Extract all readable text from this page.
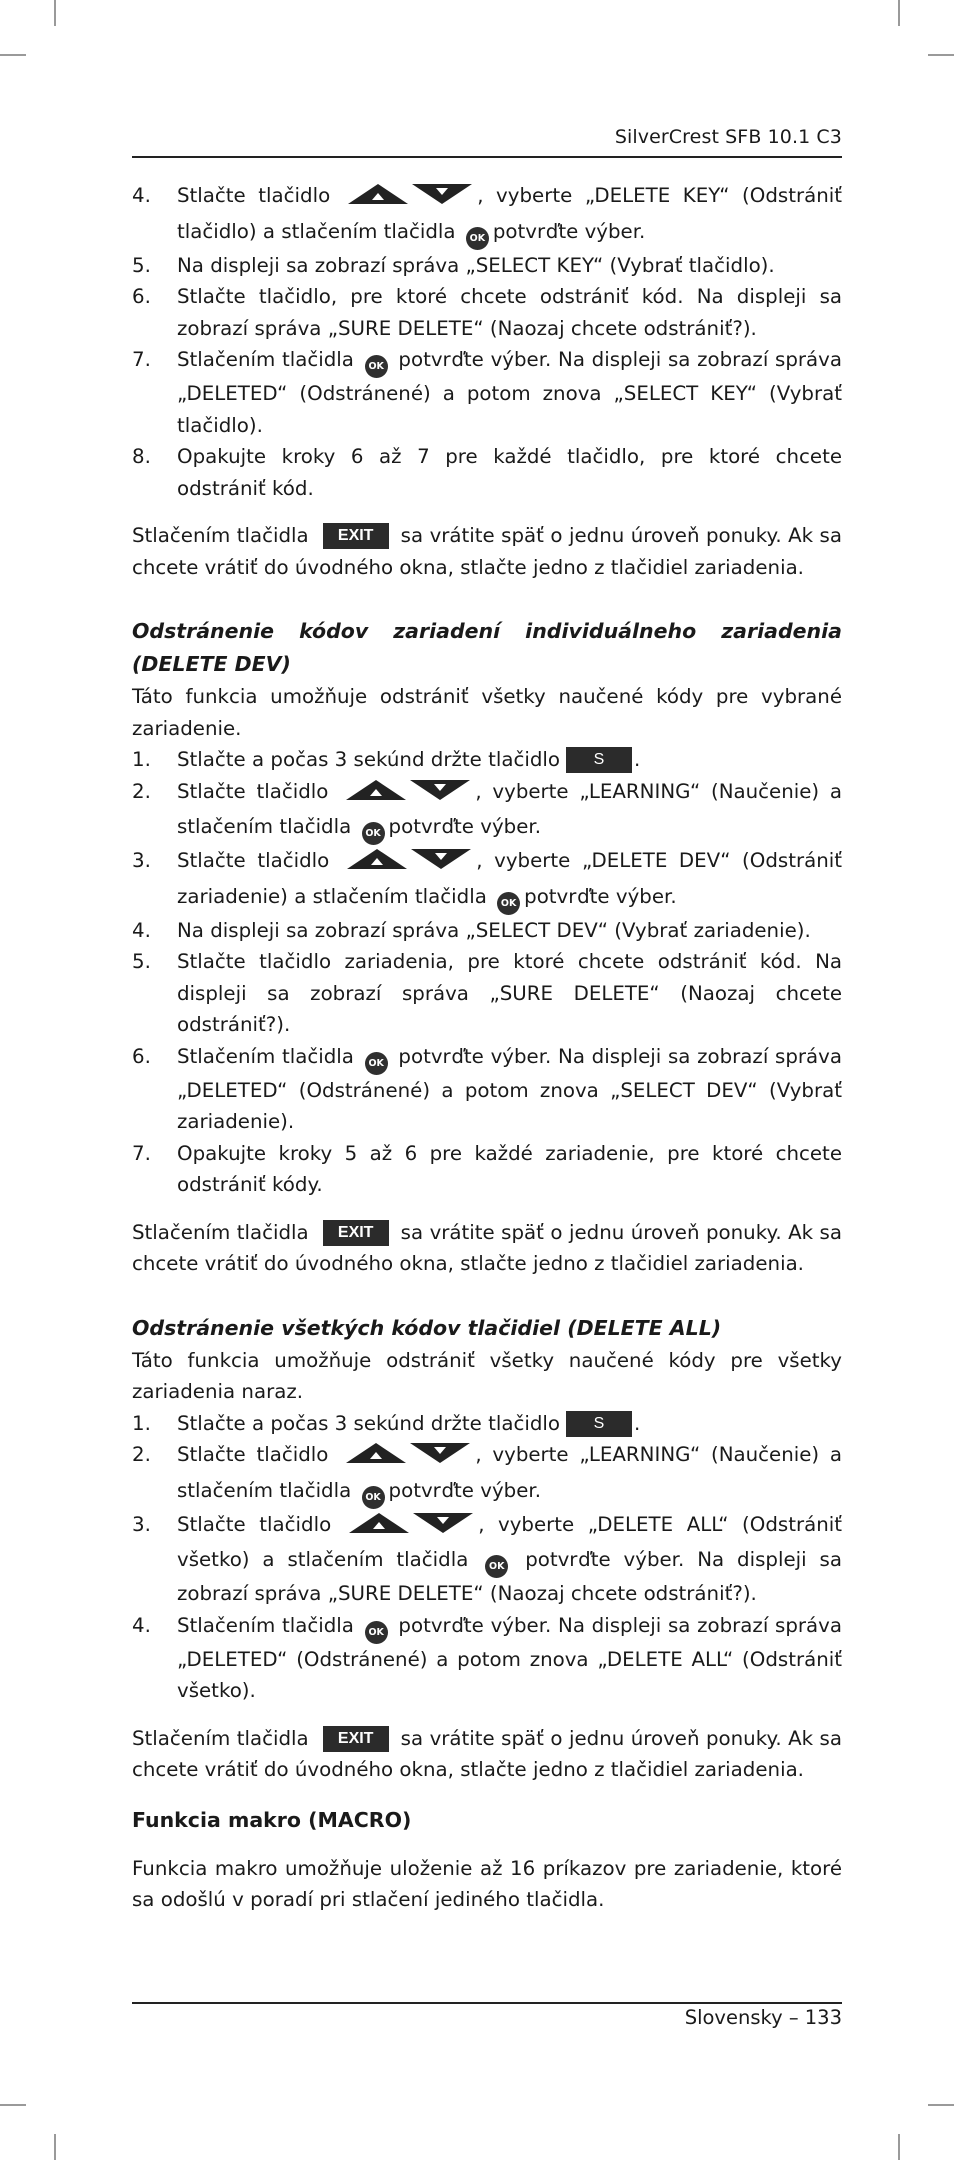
SilverCrest SFB 10.1 C3
4. Stlačte tlačidlo	, vyberte „DELETE KEY“ (Odstrániť tlačidlo) a stlačením tlačidla OK potvrďte výber.
5. Na displeji sa zobrazí správa „SELECT KEY“ (Vybrať tlačidlo).
6. Stlačte tlačidlo, pre ktoré chcete odstrániť kód. Na displeji sa zobrazí správa „SURE DELETE“ (Naozaj chcete odstrániť?).
7. Stlačením tlačidla OK potvrďte výber. Na displeji sa zobrazí správa „DELETED“ (Odstránené) a potom znova „SELECT KEY“ (Vybrať tlačidlo).
8. Opakujte kroky 6 až 7 pre každé tlačidlo, pre ktoré chcete odstrániť kód.

Stlačením tlačidla EXIT sa vrátite späť o jednu úroveň ponuky. Ak sa chcete vrátiť do úvodného okna, stlačte jedno z tlačidiel zariadenia.

Odstránenie kódov zariadení individuálneho zariadenia (DELETE DEV)

Táto funkcia umožňuje odstrániť všetky naučené kódy pre vybrané zariadenie.

1. Stlačte a počas 3 sekúnd držte tlačidlo S .
2. Stlačte tlačidlo	, vyberte „LEARNING“ (Naučenie) a stlačením tlačidla OK potvrďte výber.
3. Stlačte tlačidlo	, vyberte „DELETE DEV“ (Odstrániť zariadenie) a stlačením tlačidla OK potvrďte výber.
4. Na displeji sa zobrazí správa „SELECT DEV“ (Vybrať zariadenie).
5. Stlačte tlačidlo zariadenia, pre ktoré chcete odstrániť kód. Na displeji sa zobrazí správa „SURE DELETE“ (Naozaj chcete odstrániť?).
6. Stlačením tlačidla OK potvrďte výber. Na displeji sa zobrazí správa „DELETED“ (Odstránené) a potom znova „SELECT DEV“ (Vybrať zariadenie).
7. Opakujte kroky 5 až 6 pre každé zariadenie, pre ktoré chcete odstrániť kódy.

Stlačením tlačidla EXIT sa vrátite späť o jednu úroveň ponuky. Ak sa chcete vrátiť do úvodného okna, stlačte jedno z tlačidiel zariadenia.

Odstránenie všetkých kódov tlačidiel (DELETE ALL)

Táto funkcia umožňuje odstrániť všetky naučené kódy pre všetky zariadenia naraz.

1. Stlačte a počas 3 sekúnd držte tlačidlo S .
2. Stlačte tlačidlo	, vyberte „LEARNING“ (Naučenie) a stlačením tlačidla OK potvrďte výber.
3. Stlačte tlačidlo	, vyberte „DELETE ALL“ (Odstrániť všetko) a stlačením tlačidla OK potvrďte výber. Na displeji sa zobrazí správa „SURE DELETE“ (Naozaj chcete odstrániť?).
4. Stlačením tlačidla OK potvrďte výber. Na displeji sa zobrazí správa „DELETED“ (Odstránené) a potom znova „DELETE ALL“ (Odstrániť všetko).

Stlačením tlačidla EXIT sa vrátite späť o jednu úroveň ponuky. Ak sa chcete vrátiť do úvodného okna, stlačte jedno z tlačidiel zariadenia.

Funkcia makro (MACRO)

Funkcia makro umožňuje uloženie až 16 príkazov pre zariadenie, ktoré sa odošlú v poradí pri stlačení jediného tlačidla.

Slovensky – 133
